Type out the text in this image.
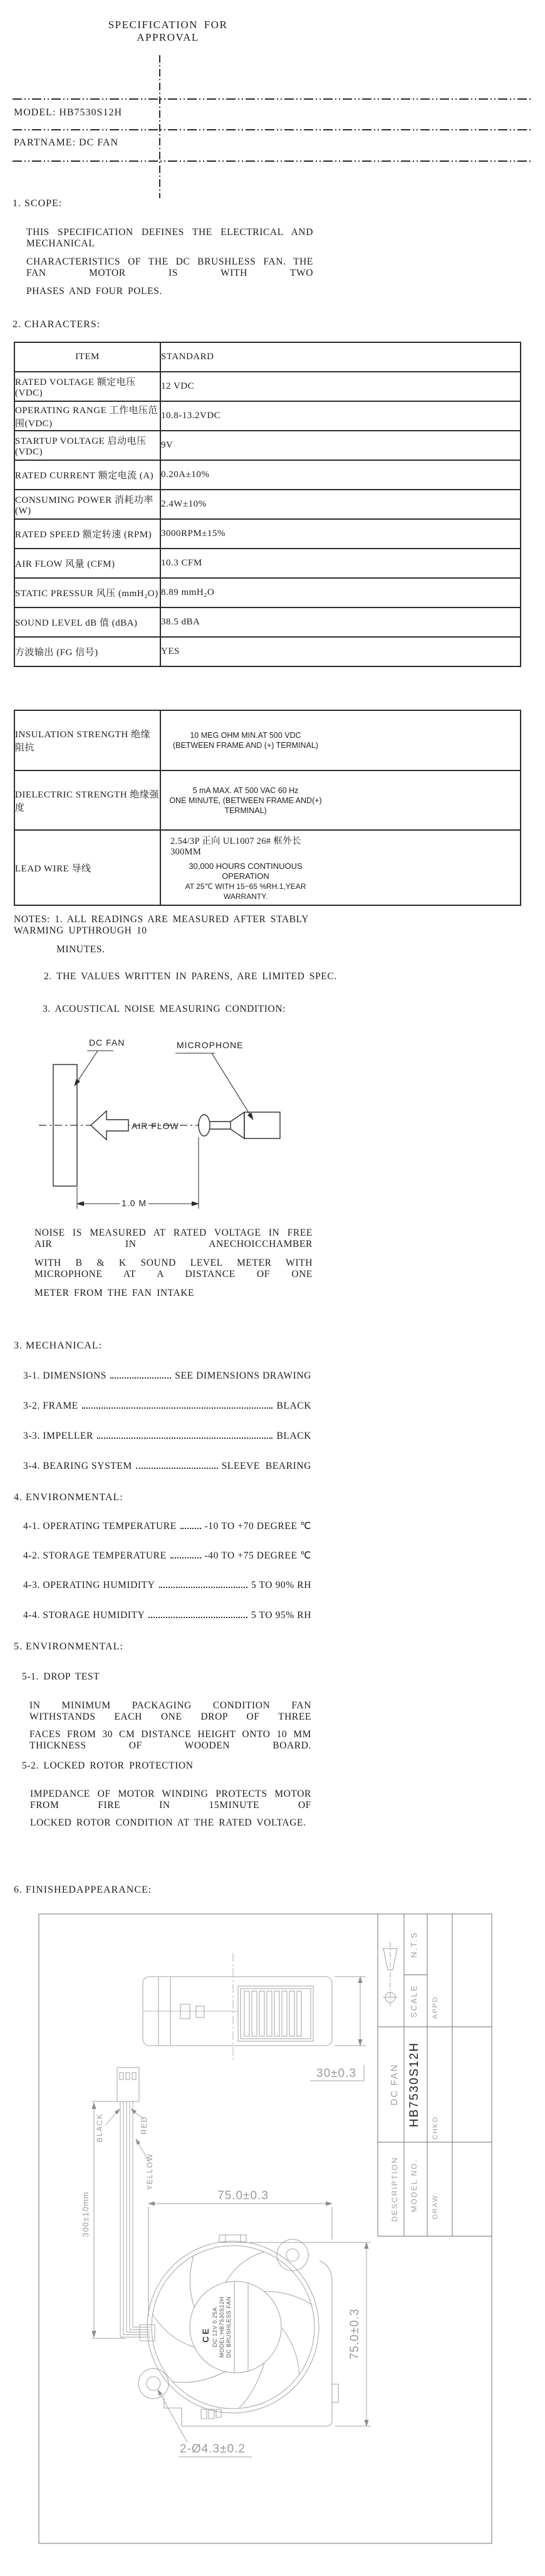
SPECIFICATION FOR APPROVAL
MODEL: HB7530S12H
PARTNAME: DC FAN
1. SCOPE:
THIS SPECIFICATION DEFINES THE ELECTRICAL AND MECHANICAL
CHARACTERISTICS OF THE DC BRUSHLESS FAN. THE FAN MOTOR IS WITH TWO
PHASES AND FOUR POLES.
2. CHARACTERS:
ITEM	STANDARD
RATED VOLTAGE 额定电压 (VDC)	12 VDC
OPERATING RANGE 工作电压范围(VDC)	10.8-13.2VDC
STARTUP VOLTAGE 启动电压 (VDC)	9V
RATED CURRENT 额定电流 (A)	0.20A±10%
CONSUMING POWER 消耗功率 (W)	2.4W±10%
RATED SPEED 额定转速 (RPM)	3000RPM±15%
AIR FLOW 风量 (CFM)	10.3 CFM
STATIC PRESSUR 风压 (mmH₂O)	8.89 mmH₂O
SOUND LEVEL dB 值 (dBA)	38.5 dBA
方波输出 (FG 信号)	YES
INSULATION STRENGTH 绝缘阻抗	10 MEG OHM MIN.AT 500 VDC
(BETWEEN FRAME AND (+) TERMINAL)

DIELECTRIC STRENGTH 绝缘强度	5 mA MAX. AT 500 VAC 60 Hz
ONE MINUTE, (BETWEEN FRAME AND(+)
TERMINAL)

LEAD WIRE 导线	2.54/3P 正向 UL1007 26# 框外长 300MM
30,000 HOURS CONTINUOUS OPERATION
AT 25℃ WITH 15~65 %RH.1,YEAR WARRANTY.
NOTES: 1. ALL READINGS ARE MEASURED AFTER STABLY WARMING UPTHROUGH 10
MINUTES.
2. THE VALUES WRITTEN IN PARENS, ARE LIMITED SPEC.
3. ACOUSTICAL NOISE MEASURING CONDITION:
DC FAN	MICROPHONE
AIR FLOW
1.0 M
NOISE IS MEASURED AT RATED VOLTAGE IN FREE AIR IN ANECHOICCHAMBER
WITH B & K SOUND LEVEL METER WITH MICROPHONE AT A DISTANCE OF ONE
METER FROM THE FAN INTAKE
3. MECHANICAL:
3-1. DIMENSIONS	SEE DIMENSIONS DRAWING
3-2. FRAME	BLACK
3-3. IMPELLER	BLACK
3-4. BEARING SYSTEM	SLEEVE  BEARING
4. ENVIRONMENTAL:
4-1. OPERATING TEMPERATURE	-10 TO +70 DEGREE ℃
4-2. STORAGE TEMPERATURE	-40 TO +75 DEGREE ℃
4-3. OPERATING HUMIDITY	5 TO 90% RH
4-4. STORAGE HUMIDITY	5 TO 95% RH
5. ENVIRONMENTAL:
5-1. DROP TEST
IN MINIMUM PACKAGING CONDITION FAN WITHSTANDS EACH ONE DROP OF THREE
FACES FROM 30 CM DISTANCE HEIGHT ONTO 10 MM THICKNESS OF WOODEN BOARD.
5-2. LOCKED ROTOR PROTECTION
IMPEDANCE OF MOTOR WINDING PROTECTS MOTOR FROM FIRE IN 15MINUTE OF
LOCKED ROTOR CONDITION AT THE RATED VOLTAGE.
6. FINISHEDAPPEARANCE:
N.T.S
SCALE APPD:
DC FAN HB7530S12H CHKD:
DESCRIPTION MODEL NO. DRAW:
30±0.3
300±10mm
BLACK	RED
YELLOW
75.0±0.3
DC BRUSHLESS FAN
MODEL:HB7530S12H
DC 12V 0.25A
CE
2-Ø4.3±0.2
75.0±0.3
